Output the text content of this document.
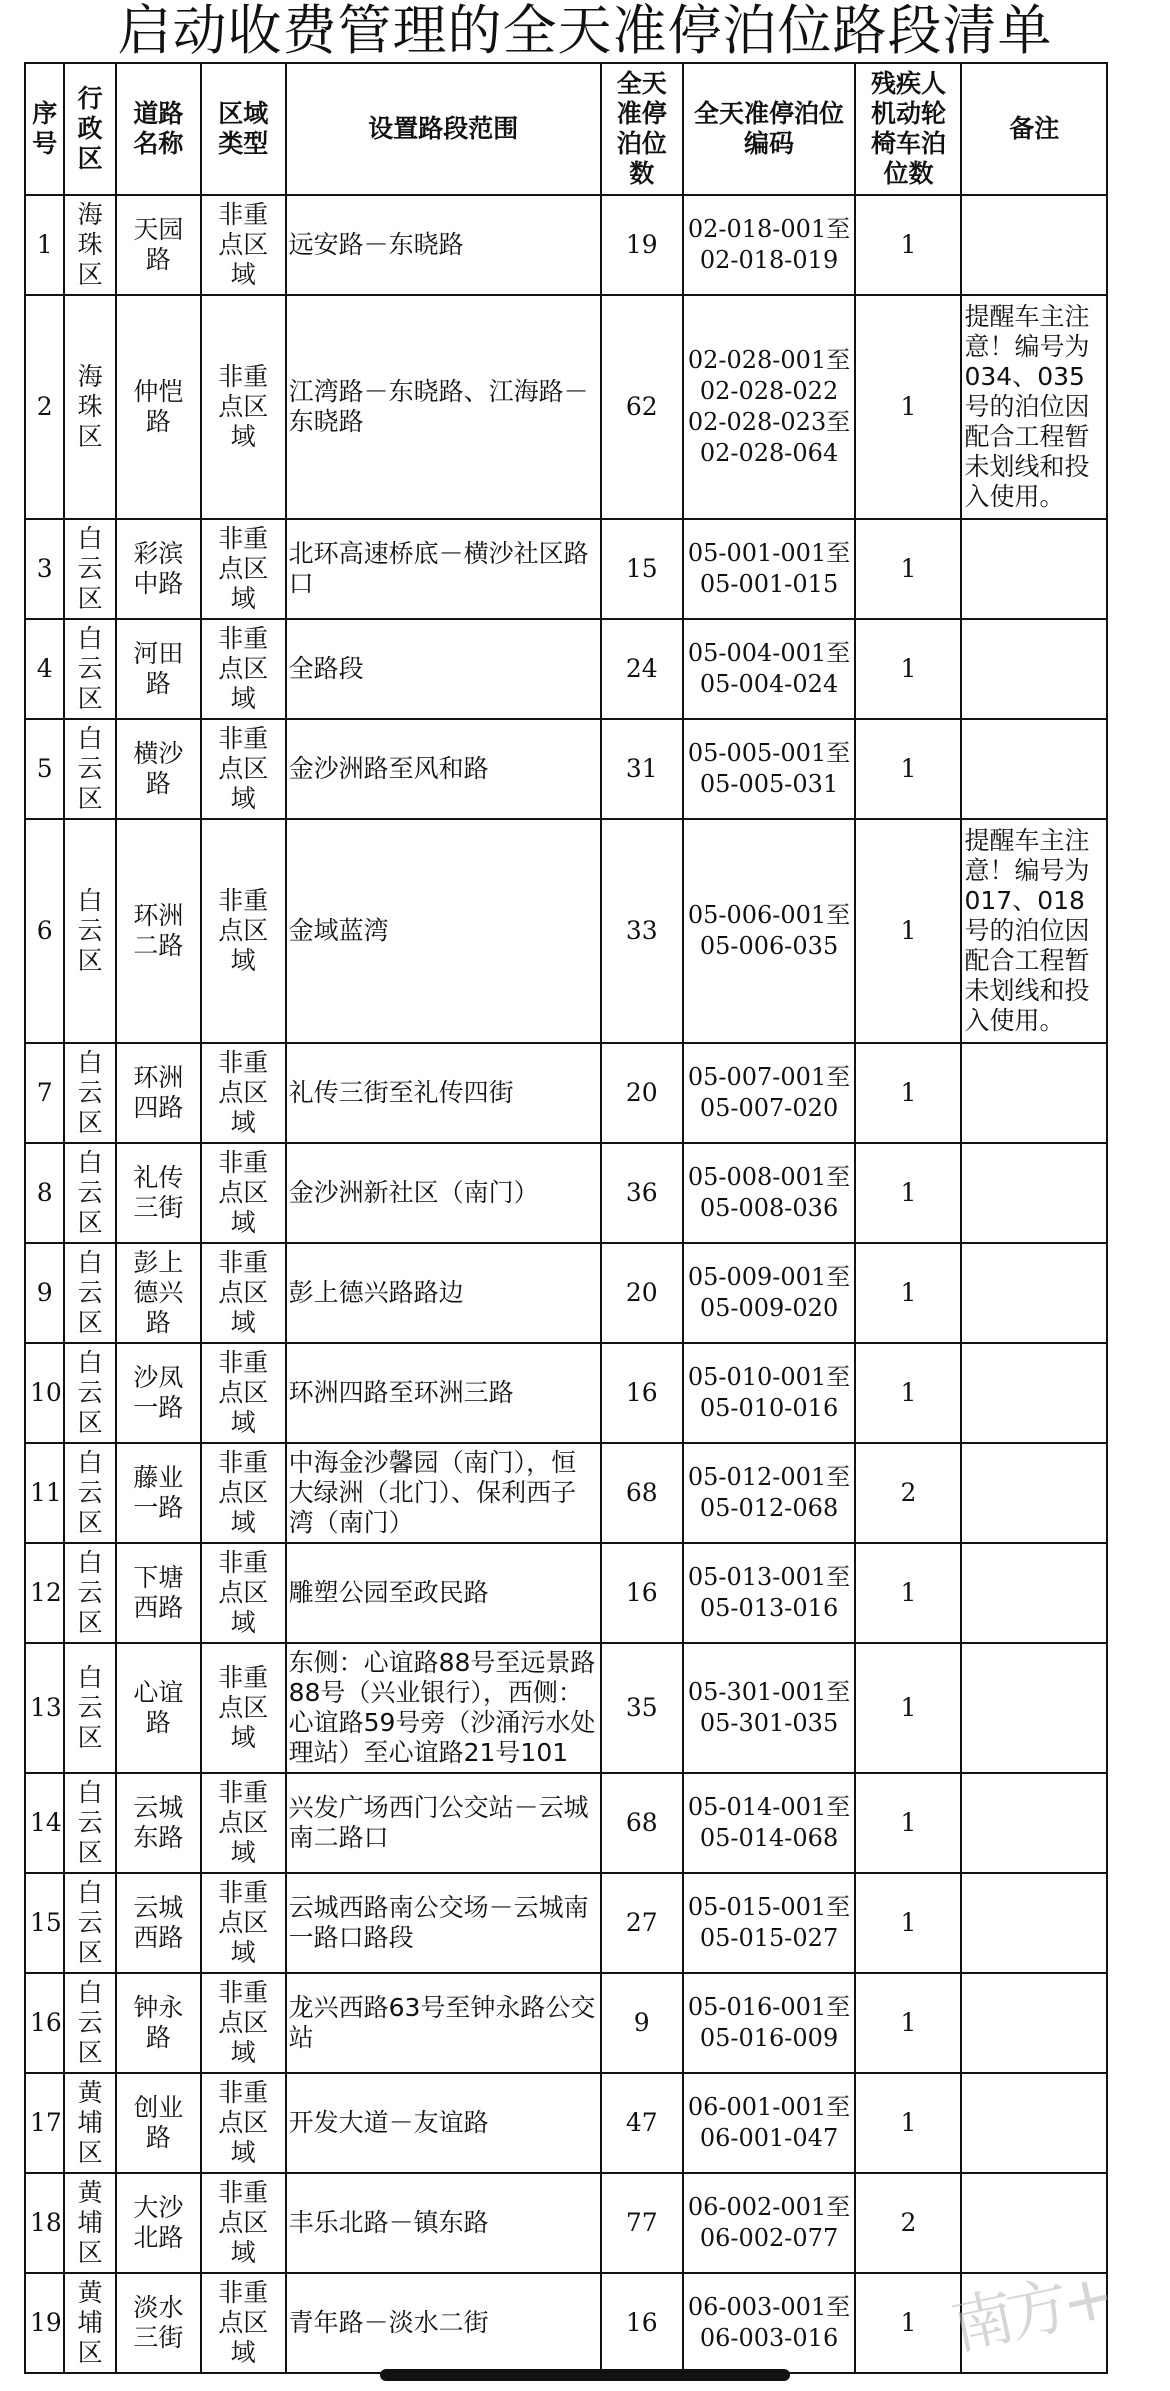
启动收费管理的全天准停泊位路段清单
序号	行政区	道路名称	区域类型	设置路段范围	全天准停泊位数	全天准停泊位编码	残疾人机动轮椅车泊位数	备注
1	海珠区	天园路	非重点区域	远安路－东晓路	19	02-018-001至02-018-019	1	
2	海珠区	仲恺路	非重点区域	江湾路－东晓路、江海路－东晓路	62	02-028-001至02-028-022 02-028-023至02-028-064	1	提醒车主注意！编号为034、035号的泊位因配合工程暂未划线和投入使用。
3	白云区	彩滨中路	非重点区域	北环高速桥底－横沙社区路口	15	05-001-001至05-001-015	1	
4	白云区	河田路	非重点区域	全路段	24	05-004-001至05-004-024	1	
5	白云区	横沙路	非重点区域	金沙洲路至风和路	31	05-005-001至05-005-031	1	
6	白云区	环洲二路	非重点区域	金域蓝湾	33	05-006-001至05-006-035	1	提醒车主注意！编号为017、018号的泊位因配合工程暂未划线和投入使用。
7	白云区	环洲四路	非重点区域	礼传三街至礼传四街	20	05-007-001至05-007-020	1	
8	白云区	礼传三街	非重点区域	金沙洲新社区（南门）	36	05-008-001至05-008-036	1	
9	白云区	彭上德兴路	非重点区域	彭上德兴路路边	20	05-009-001至05-009-020	1	
10	白云区	沙凤一路	非重点区域	环洲四路至环洲三路	16	05-010-001至05-010-016	1	
11	白云区	藤业一路	非重点区域	中海金沙馨园（南门），恒大绿洲（北门）、保利西子湾（南门）	68	05-012-001至05-012-068	2	
12	白云区	下塘西路	非重点区域	雕塑公园至政民路	16	05-013-001至05-013-016	1	
13	白云区	心谊路	非重点区域	东侧：心谊路88号至远景路88号（兴业银行），西侧：心谊路59号旁（沙涌污水处理站）至心谊路21号101	35	05-301-001至05-301-035	1	
14	白云区	云城东路	非重点区域	兴发广场西门公交站－云城南二路口	68	05-014-001至05-014-068	1	
15	白云区	云城西路	非重点区域	云城西路南公交场－云城南一路口路段	27	05-015-001至05-015-027	1	
16	白云区	钟永路	非重点区域	龙兴西路63号至钟永路公交站	9	05-016-001至05-016-009	1	
17	黄埔区	创业路	非重点区域	开发大道－友谊路	47	06-001-001至06-001-047	1	
18	黄埔区	大沙北路	非重点区域	丰乐北路－镇东路	77	06-002-001至06-002-077	2	
19	黄埔区	淡水三街	非重点区域	青年路－淡水二街	16	06-003-001至06-003-016	1	南方+
